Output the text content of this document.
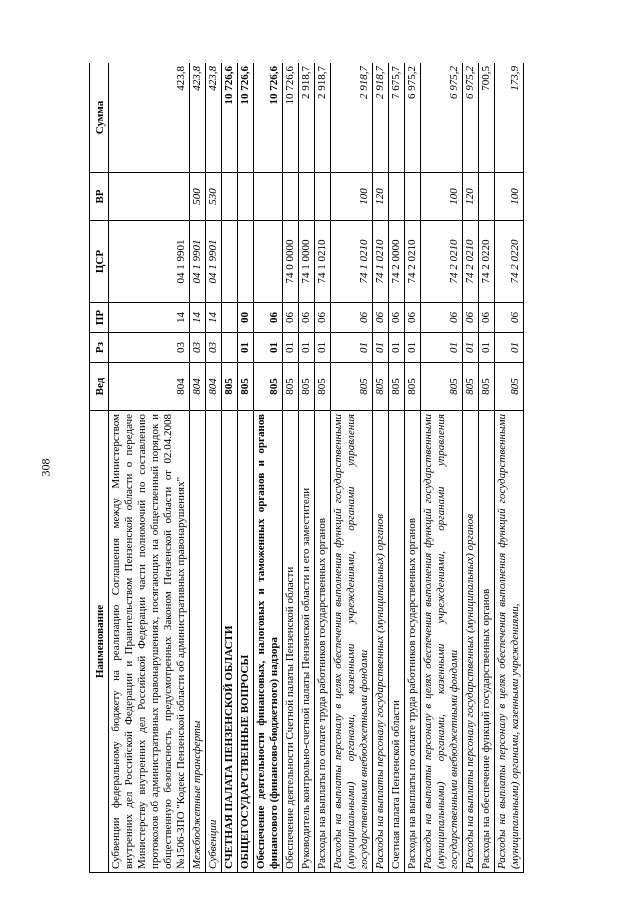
308
Наименование	Вед	Рз	ПР	ЦСР	ВР	Сумма
Субвенции федеральному бюджету на реализацию Соглашения между Министерством внутренних дел Российской Федерации и Правительством Пензенской области о передаче Министерству внутренних дел Российской Федерации части полномочий по составлению протоколов об административных правонарушениях, посягающих на общественный порядок и общественную безопасность, предусмотренных Законом Пензенской области от 02.04.2008 №1506-ЗПО "Кодекс Пензенской области об административных правонарушениях"	804	03	14	04 1 9901		423,8
Межбюджетные трансферты	804	03	14	04 1 9901	500	423,8
Субвенции	804	03	14	04 1 9901	530	423,8
СЧЕТНАЯ ПАЛАТА ПЕНЗЕНСКОЙ ОБЛАСТИ	805					10 726,6
ОБЩЕГОСУДАРСТВЕННЫЕ ВОПРОСЫ	805	01	00			10 726,6
Обеспечение деятельности финансовых, налоговых и таможенных органов и органов финансового (финансово-бюджетного) надзора	805	01	06			10 726,6
Обеспечение деятельности Счетной палаты Пензенской области	805	01	06	74 0 0000		10 726,6
Руководитель контрольно-счетной палаты Пензенской области и его заместители	805	01	06	74 1 0000		2 918,7
Расходы на выплаты по оплате труда работников государственных органов	805	01	06	74 1 0210		2 918,7
Расходы на выплаты персоналу в целях обеспечения выполнения функций государственными (муниципальными) органами, казенными учреждениями, органами управления государственными внебюджетными фондами	805	01	06	74 1 0210	100	2 918,7
Расходы на выплаты персоналу государственных (муниципальных) органов	805	01	06	74 1 0210	120	2 918,7
Счетная палата Пензенской области	805	01	06	74 2 0000		7 675,7
Расходы на выплаты по оплате труда работников государственных органов	805	01	06	74 2 0210		6 975,2
Расходы на выплаты персоналу в целях обеспечения выполнения функций государственными (муниципальными) органами, казенными учреждениями, органами управления государственными внебюджетными фондами	805	01	06	74 2 0210	100	6 975,2
Расходы на выплаты персоналу государственных (муниципальных) органов	805	01	06	74 2 0210	120	6 975,2
Расходы на обеспечение функций государственных органов	805	01	06	74 2 0220		700,5
Расходы на выплаты персоналу в целях обеспечения выполнения функций государственными (муниципальными) органами, казенными учреждениями,	805	01	06	74 2 0220	100	173,9
